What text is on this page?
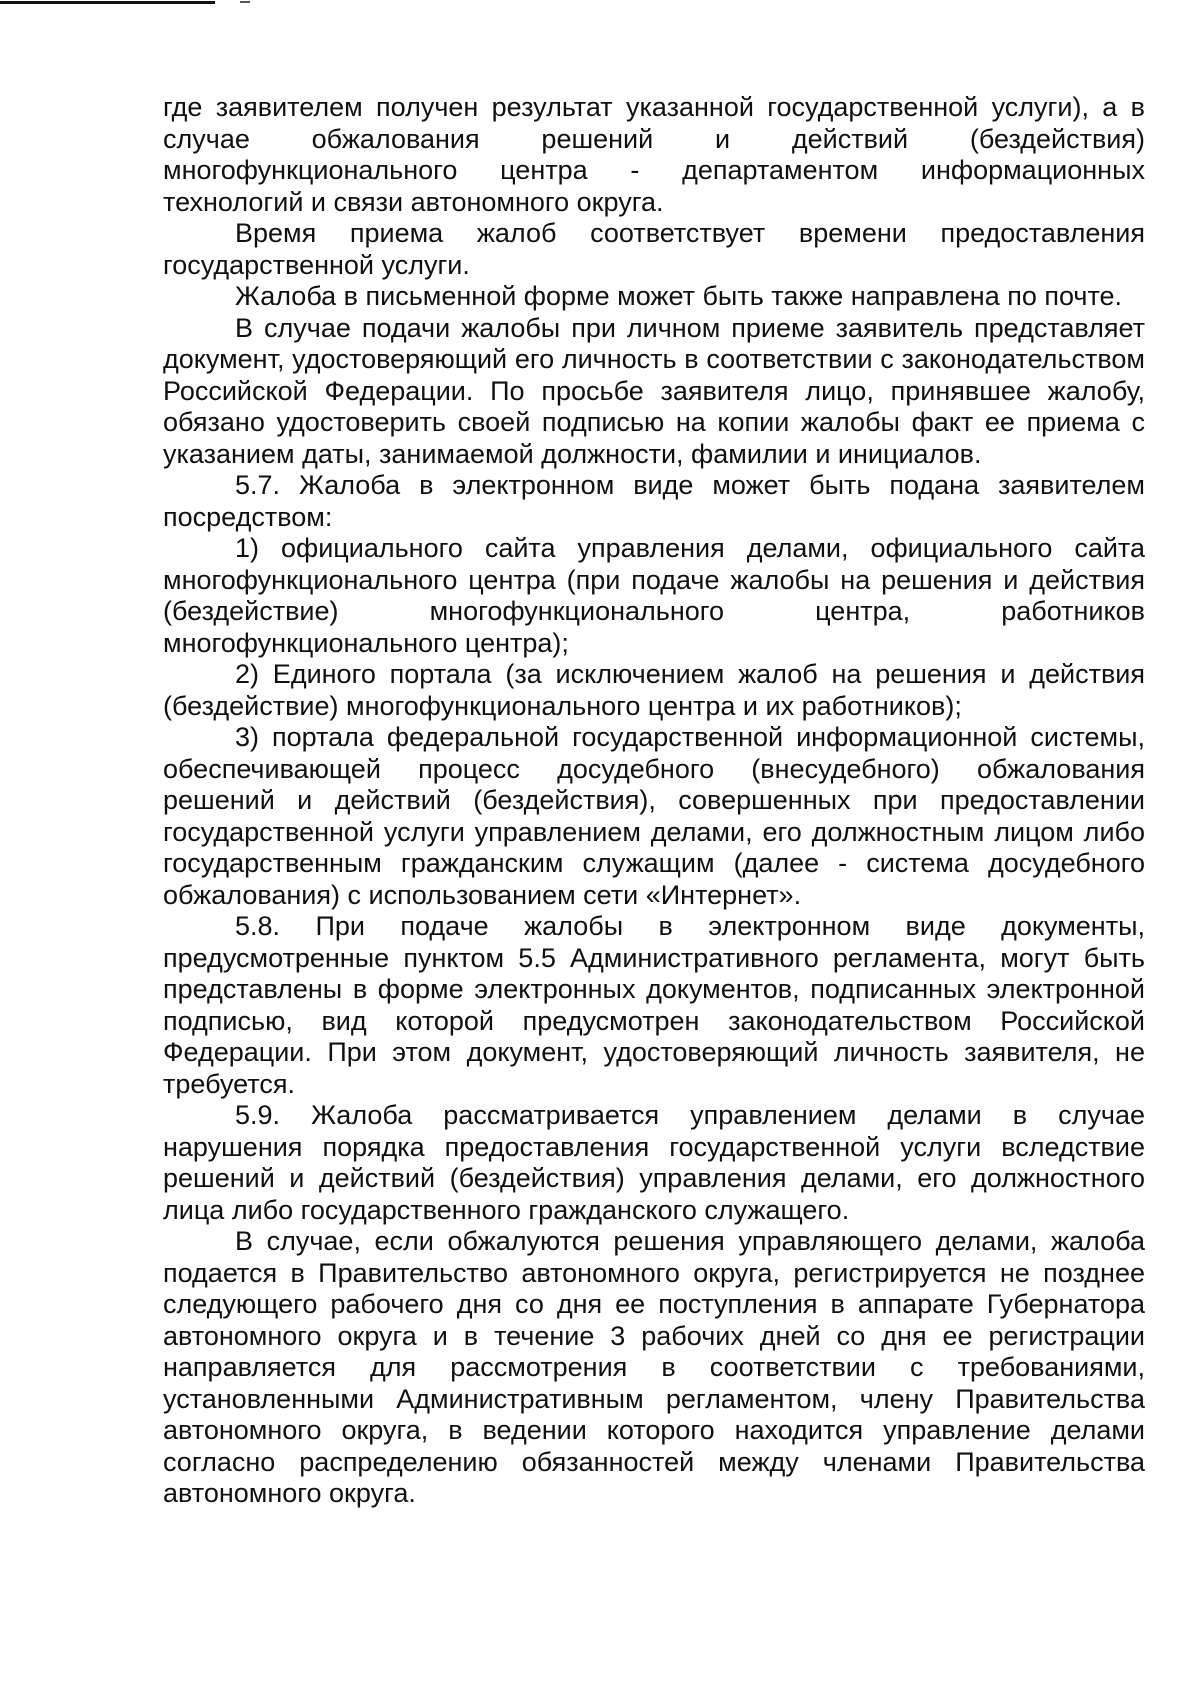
где заявителем получен результат указанной государственной услуги), а в случае обжалования решений и действий (бездействия) многофункционального центра - департаментом информационных технологий и связи автономного округа.

Время приема жалоб соответствует времени предоставления государственной услуги.

Жалоба в письменной форме может быть также направлена по почте.

В случае подачи жалобы при личном приеме заявитель представляет документ, удостоверяющий его личность в соответствии с законодательством Российской Федерации. По просьбе заявителя лицо, принявшее жалобу, обязано удостоверить своей подписью на копии жалобы факт ее приема с указанием даты, занимаемой должности, фамилии и инициалов.

5.7. Жалоба в электронном виде может быть подана заявителем посредством:

1) официального сайта управления делами, официального сайта многофункционального центра (при подаче жалобы на решения и действия (бездействие) многофункционального центра, работников многофункционального центра);

2) Единого портала (за исключением жалоб на решения и действия (бездействие) многофункционального центра и их работников);

3) портала федеральной государственной информационной системы, обеспечивающей процесс досудебного (внесудебного) обжалования решений и действий (бездействия), совершенных при предоставлении государственной услуги управлением делами, его должностным лицом либо государственным гражданским служащим (далее - система досудебного обжалования) с использованием сети «Интернет».

5.8. При подаче жалобы в электронном виде документы, предусмотренные пунктом 5.5 Административного регламента, могут быть представлены в форме электронных документов, подписанных электронной подписью, вид которой предусмотрен законодательством Российской Федерации. При этом документ, удостоверяющий личность заявителя, не требуется.

5.9. Жалоба рассматривается управлением делами в случае нарушения порядка предоставления государственной услуги вследствие решений и действий (бездействия) управления делами, его должностного лица либо государственного гражданского служащего.

В случае, если обжалуются решения управляющего делами, жалоба подается в Правительство автономного округа, регистрируется не позднее следующего рабочего дня со дня ее поступления в аппарате Губернатора автономного округа и в течение 3 рабочих дней со дня ее регистрации направляется для рассмотрения в соответствии с требованиями, установленными Административным регламентом, члену Правительства автономного округа, в ведении которого находится управление делами согласно распределению обязанностей между членами Правительства автономного округа.
